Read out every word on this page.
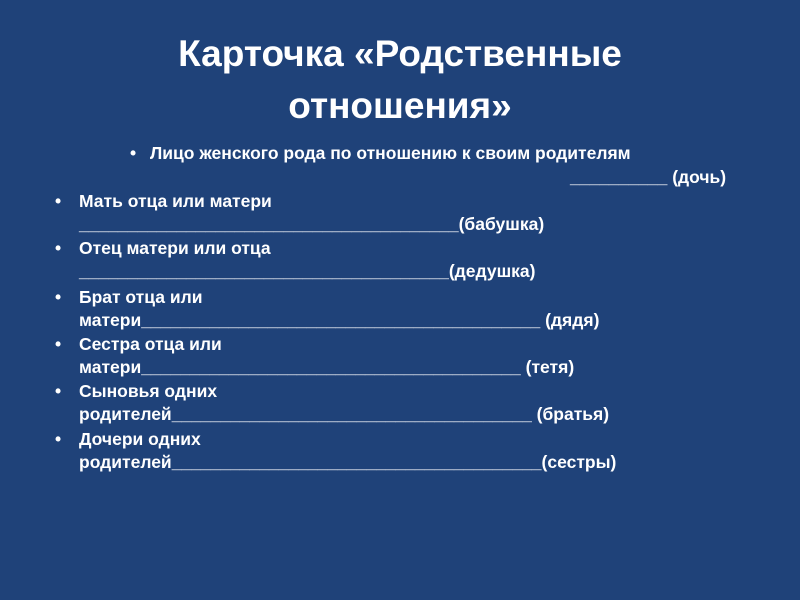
Карточка «Родственные
отношения»
• Лицо женского рода по отношению к своим родителям
__________ (дочь)
• Мать отца или матери
_______________________________________(бабушка)
• Отец матери или отца
______________________________________(дедушка)
• Брат отца или
матери_________________________________________ (дядя)
• Сестра отца или
матери_______________________________________ (тетя)
• Сыновья одних
родителей_____________________________________ (братья)
• Дочери одних
родителей______________________________________(сестры)
